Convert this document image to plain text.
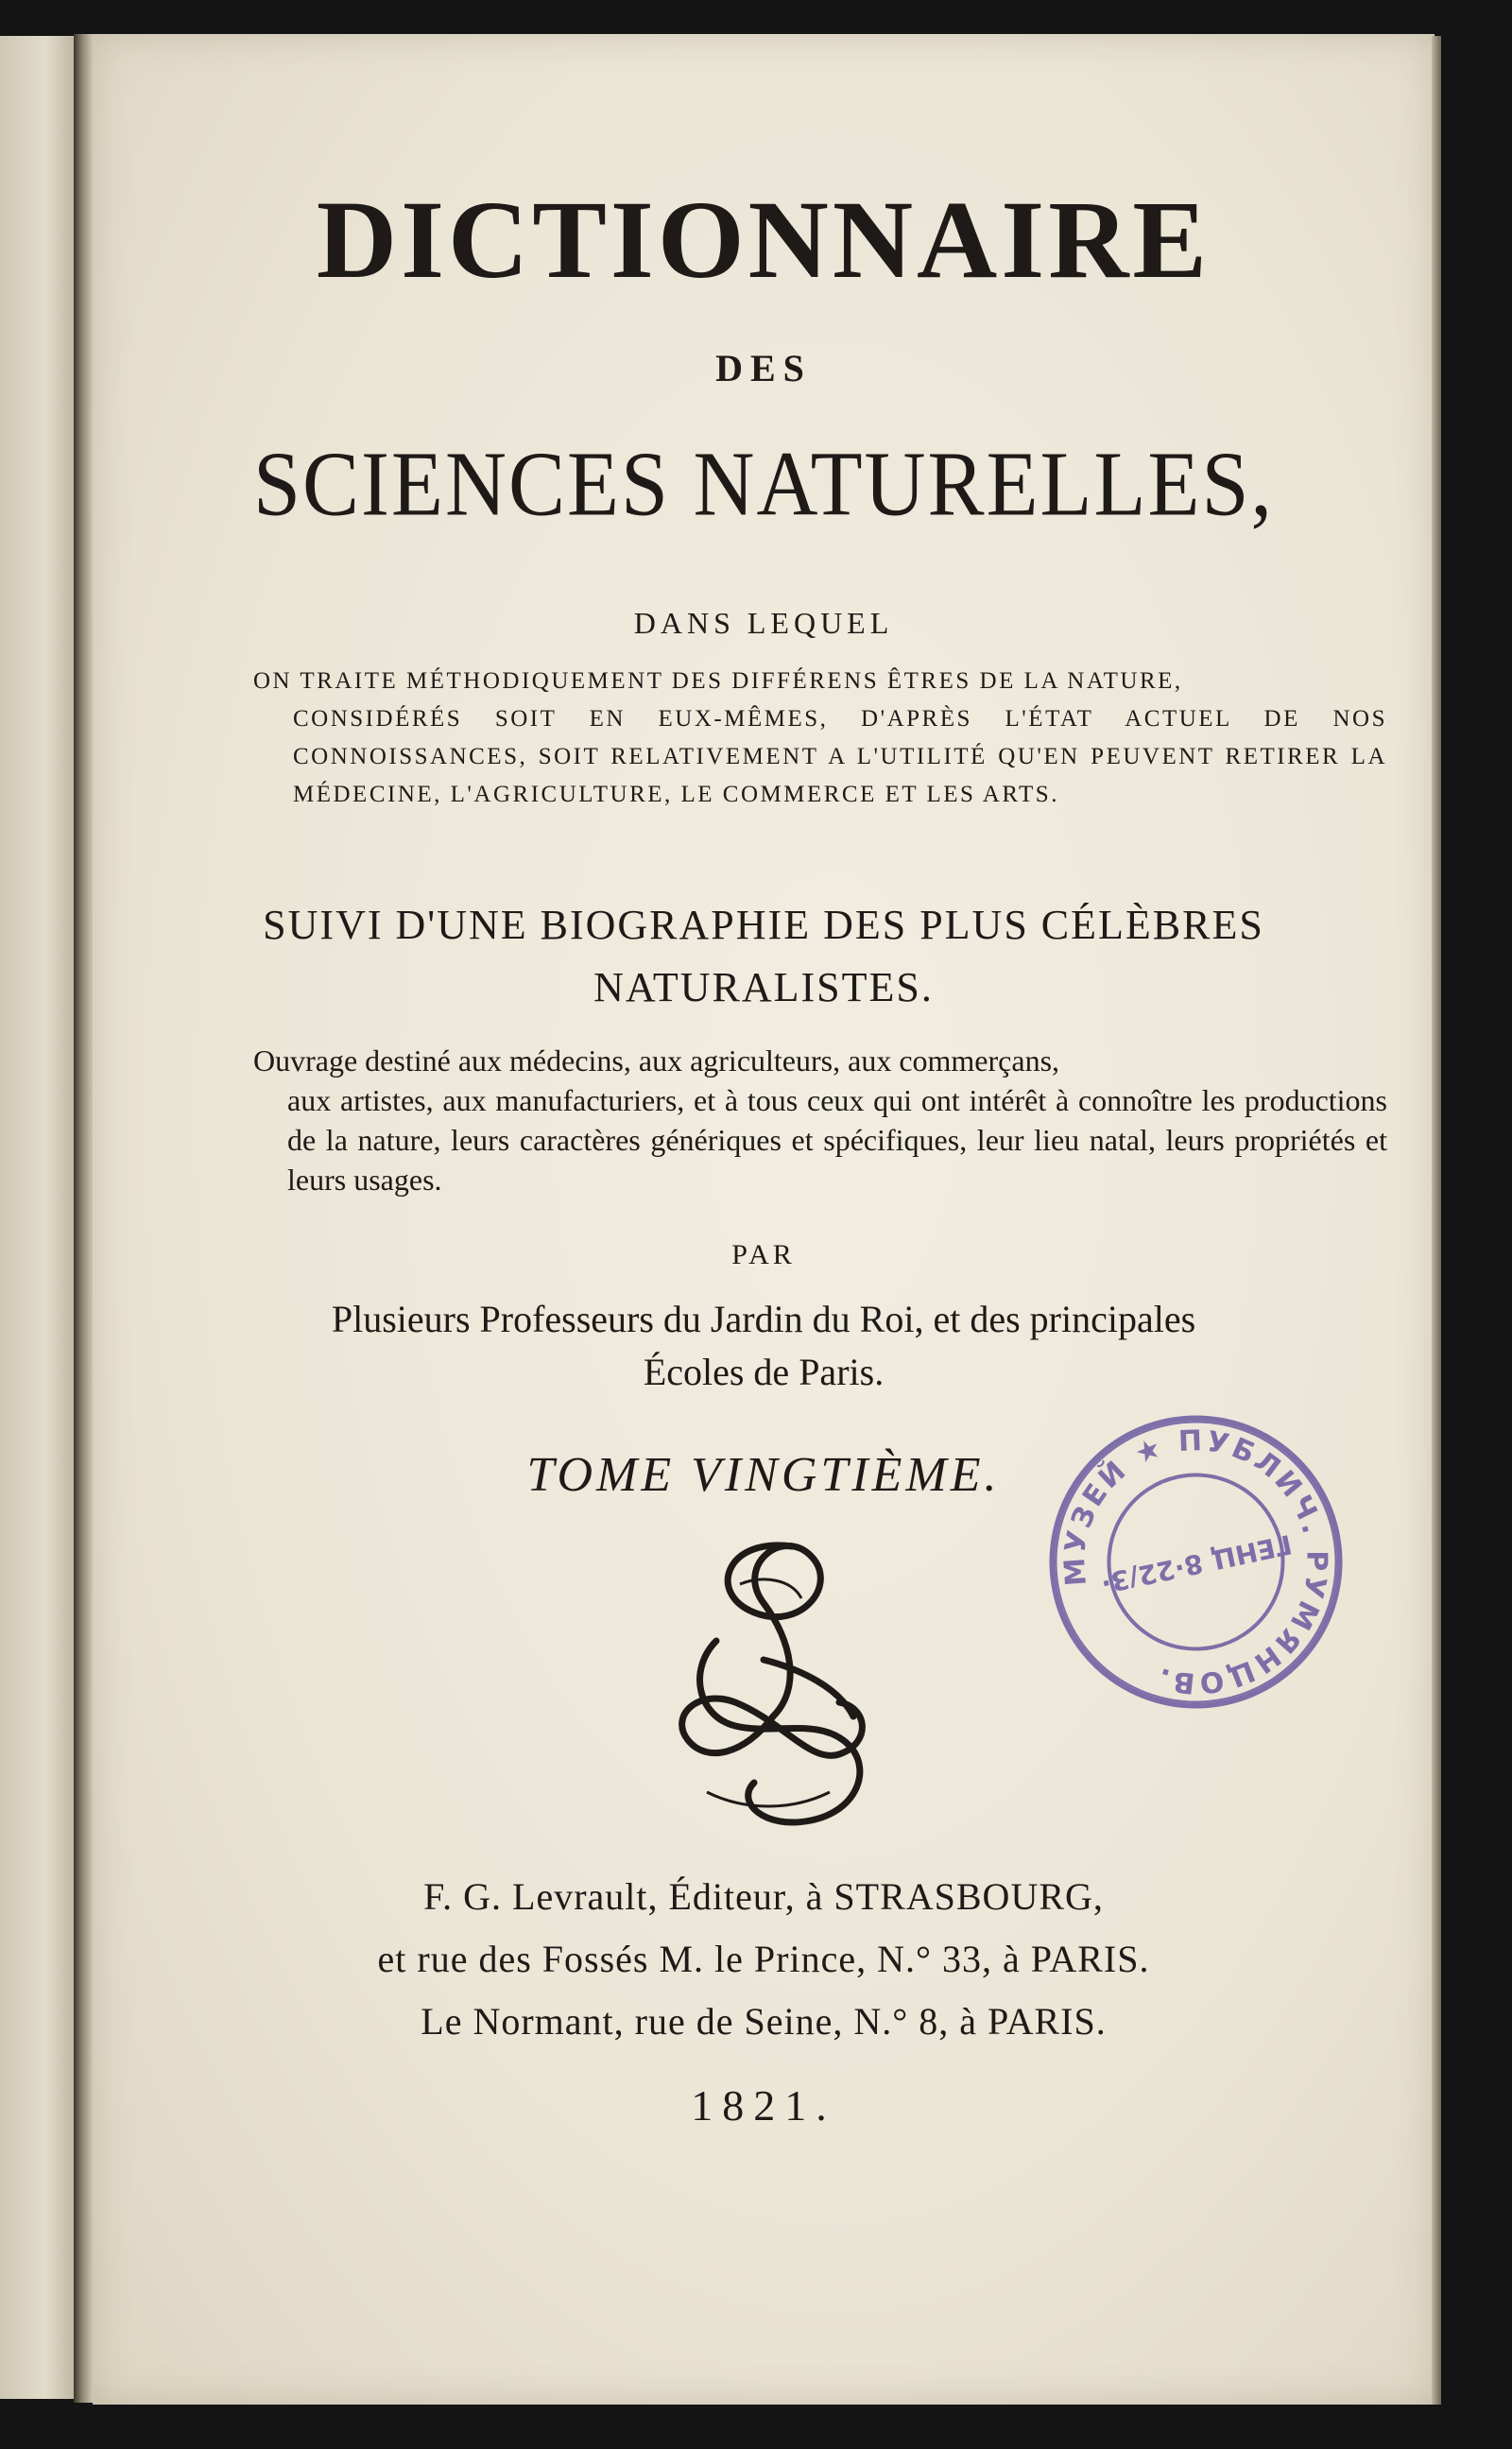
DICTIONNAIRE
DES
SCIENCES NATURELLES,
DANS LEQUEL
ON TRAITE MÉTHODIQUEMENT DES DIFFÉRENS ÊTRES DE LA NATURE,
CONSIDÉRÉS SOIT EN EUX-MÊMES, D'APRÈS L'ÉTAT ACTUEL DE NOS CONNOISSANCES, SOIT RELATIVEMENT A L'UTILITÉ QU'EN PEUVENT RETIRER LA MÉDECINE, L'AGRICULTURE, LE COMMERCE ET LES ARTS.
SUIVI D'UNE BIOGRAPHIE DES PLUS CÉLÈBRES
NATURALISTES.
Ouvrage destiné aux médecins, aux agriculteurs, aux commerçans,
aux artistes, aux manufacturiers, et à tous ceux qui ont intérêt à connoître les productions de la nature, leurs caractères génériques et spécifiques, leur lieu natal, leurs propriétés et leurs usages.
PAR
Plusieurs Professeurs du Jardin du Roi, et des principales
Écoles de Paris.
TOME VINGTIÈME.
F. G. Levrault, Éditeur, à STRASBOURG,
et rue des Fossés M. le Prince, N.° 33, à PARIS.
Le Normant, rue de Seine, N.° 8, à PARIS.
1821.
МУЗЕЙ ★ ПУБЛИЧ. РУМЯНЦОВ.
ГЕНЦ 8·22/3·
